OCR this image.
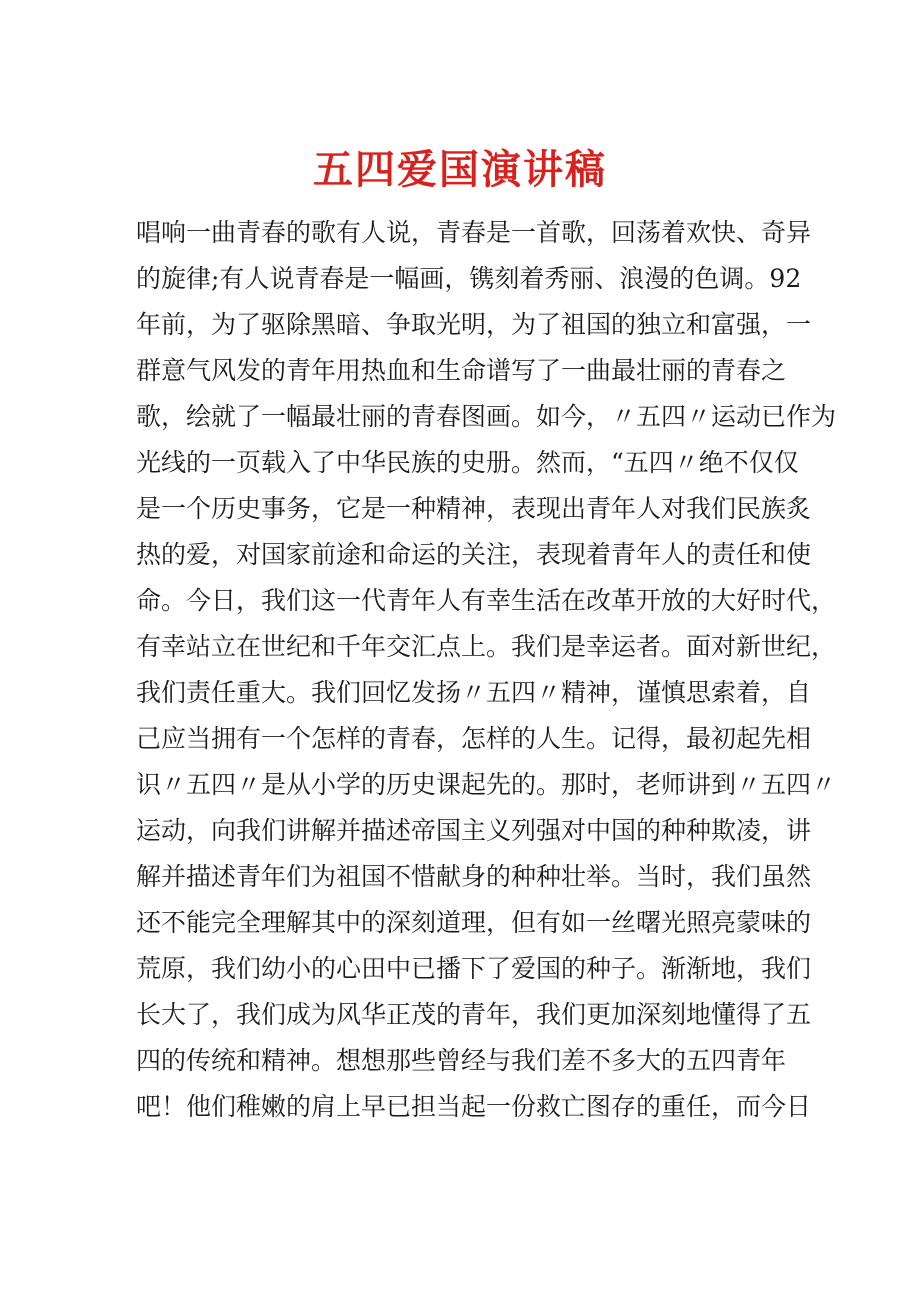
五四爱国演讲稿
唱响一曲青春的歌有人说，青春是一首歌，回荡着欢快、奇异
的旋律;有人说青春是一幅画，镌刻着秀丽、浪漫的色调。92
年前，为了驱除黑暗、争取光明，为了祖国的独立和富强，一
群意气风发的青年用热血和生命谱写了一曲最壮丽的青春之
歌，绘就了一幅最壮丽的青春图画。如今，〃五四〃运动已作为
光线的一页载入了中华民族的史册。然而，“五四〃绝不仅仅
是一个历史事务，它是一种精神，表现出青年人对我们民族炙
热的爱，对国家前途和命运的关注，表现着青年人的责任和使
命。今日，我们这一代青年人有幸生活在改革开放的大好时代，
有幸站立在世纪和千年交汇点上。我们是幸运者。面对新世纪，
我们责任重大。我们回忆发扬〃五四〃精神，谨慎思索着，自
己应当拥有一个怎样的青春，怎样的人生。记得，最初起先相
识〃五四〃是从小学的历史课起先的。那时，老师讲到〃五四〃
运动，向我们讲解并描述帝国主义列强对中国的种种欺凌，讲
解并描述青年们为祖国不惜献身的种种壮举。当时，我们虽然
还不能完全理解其中的深刻道理，但有如一丝曙光照亮蒙味的
荒原，我们幼小的心田中已播下了爱国的种子。渐渐地，我们
长大了，我们成为风华正茂的青年，我们更加深刻地懂得了五
四的传统和精神。想想那些曾经与我们差不多大的五四青年
吧！他们稚嫩的肩上早已担当起一份救亡图存的重任，而今日
